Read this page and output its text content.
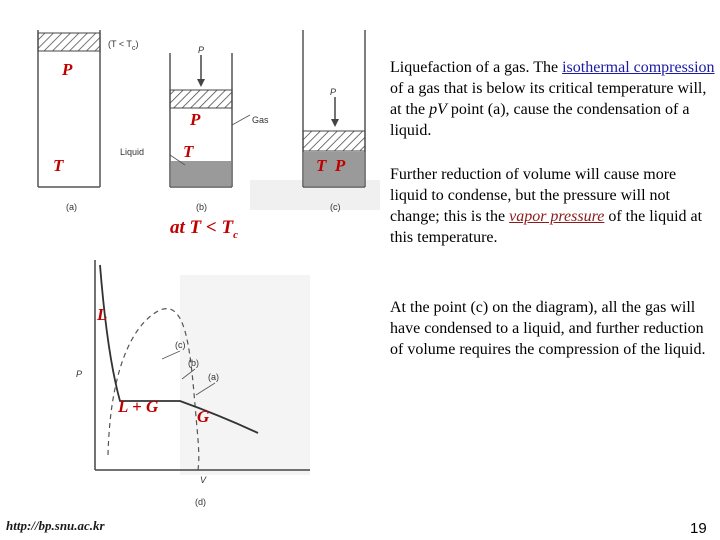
(a)	(b)	(c)
$(T < T_c)$
P
P
Liquid
Gas
P
P
T
T	T  P
at $T < T_c$
P
V
(c)
(b)
(a)
(d)
L
L + G
G
http://bp.snu.ac.kr
Liquefaction of a gas. The isothermal compression of a gas that is below its critical temperature will, at the pV point (a), cause the condensation of a liquid.
Further reduction of volume will cause more liquid to condense, but the pressure will not change; this is the vapor pressure of the liquid at this temperature.
At the point (c) on the diagram), all the gas will have condensed to a liquid, and further reduction of volume requires the compression of the liquid.
19
